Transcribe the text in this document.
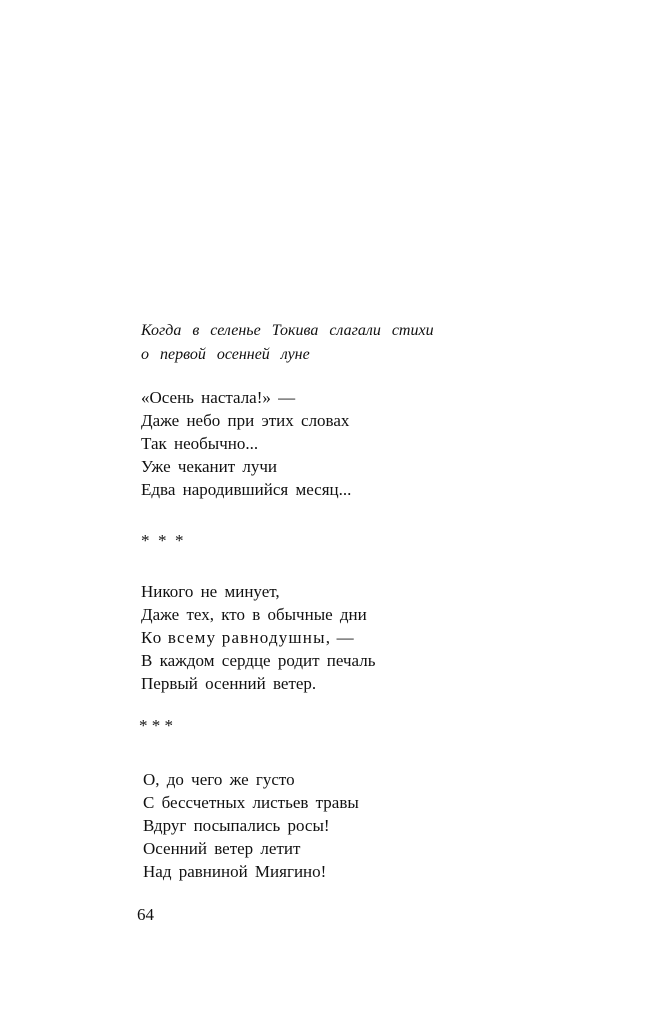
Когда в селенье Токива слагали стихи
о первой осенней луне
«Осень настала!» —
Даже небо при этих словах
Так необычно...
Уже чеканит лучи
Едва народившийся месяц...
*  *  *
Никого не минует,
Даже тех, кто в обычные дни
Ко всему равнодушны, —
В каждом сердце родит печаль
Первый осенний ветер.
* * *
О, до чего же густо
С бессчетных листьев травы
Вдруг посыпались росы!
Осенний ветер летит
Над равниной Миягино!
64
